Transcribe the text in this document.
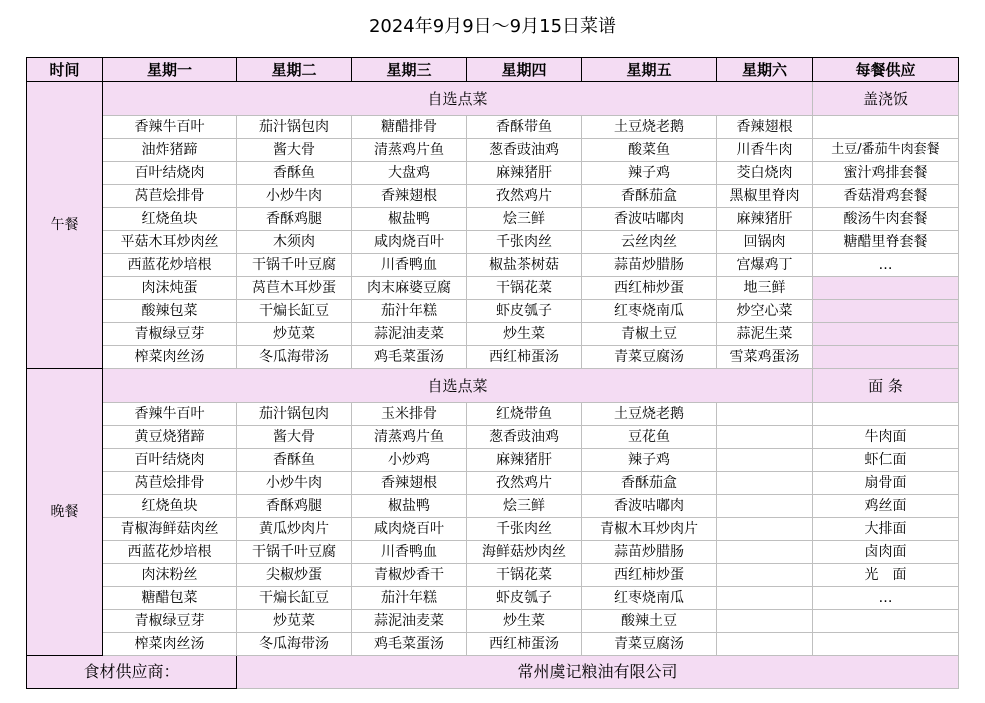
2024年9月9日～9月15日菜谱
时间	星期一	星期二	星期三	星期四	星期五	星期六	每餐供应
午餐	自选点菜						盖浇饭
	香辣牛百叶	茄汁锅包肉	糖醋排骨	香酥带鱼	土豆烧老鹅	香辣翅根	
	油炸猪蹄	酱大骨	清蒸鸡片鱼	葱香豉油鸡	酸菜鱼	川香牛肉	土豆/番茄牛肉套餐
	百叶结烧肉	香酥鱼	大盘鸡	麻辣猪肝	辣子鸡	茭白烧肉	蜜汁鸡排套餐
	莴苣烩排骨	小炒牛肉	香辣翅根	孜然鸡片	香酥茄盒	黑椒里脊肉	香菇滑鸡套餐
	红烧鱼块	香酥鸡腿	椒盐鸭	烩三鲜	香波咕嘟肉	麻辣猪肝	酸汤牛肉套餐
	平菇木耳炒肉丝	木须肉	咸肉烧百叶	千张肉丝	云丝肉丝	回锅肉	糖醋里脊套餐
	西蓝花炒培根	干锅千叶豆腐	川香鸭血	椒盐茶树菇	蒜苗炒腊肠	宫爆鸡丁	…
	肉沫炖蛋	莴苣木耳炒蛋	肉末麻婆豆腐	干锅花菜	西红柿炒蛋	地三鲜	
	酸辣包菜	干煸长缸豆	茄汁年糕	虾皮瓠子	红枣烧南瓜	炒空心菜	
	青椒绿豆芽	炒苋菜	蒜泥油麦菜	炒生菜	青椒土豆	蒜泥生菜	
	榨菜肉丝汤	冬瓜海带汤	鸡毛菜蛋汤	西红柿蛋汤	青菜豆腐汤	雪菜鸡蛋汤	
晚餐	自选点菜						面 条
	香辣牛百叶	茄汁锅包肉	玉米排骨	红烧带鱼	土豆烧老鹅		
	黄豆烧猪蹄	酱大骨	清蒸鸡片鱼	葱香豉油鸡	豆花鱼		牛肉面
	百叶结烧肉	香酥鱼	小炒鸡	麻辣猪肝	辣子鸡		虾仁面
	莴苣烩排骨	小炒牛肉	香辣翅根	孜然鸡片	香酥茄盒		扇骨面
	红烧鱼块	香酥鸡腿	椒盐鸭	烩三鲜	香波咕嘟肉		鸡丝面
	青椒海鲜菇肉丝	黄瓜炒肉片	咸肉烧百叶	千张肉丝	青椒木耳炒肉片		大排面
	西蓝花炒培根	干锅千叶豆腐	川香鸭血	海鲜菇炒肉丝	蒜苗炒腊肠		卤肉面
	肉沫粉丝	尖椒炒蛋	青椒炒香干	干锅花菜	西红柿炒蛋		光　面
	糖醋包菜	干煸长缸豆	茄汁年糕	虾皮瓠子	红枣烧南瓜		…
	青椒绿豆芽	炒苋菜	蒜泥油麦菜	炒生菜	酸辣土豆		
	榨菜肉丝汤	冬瓜海带汤	鸡毛菜蛋汤	西红柿蛋汤	青菜豆腐汤		
食材供应商：		常州虞记粮油有限公司					
